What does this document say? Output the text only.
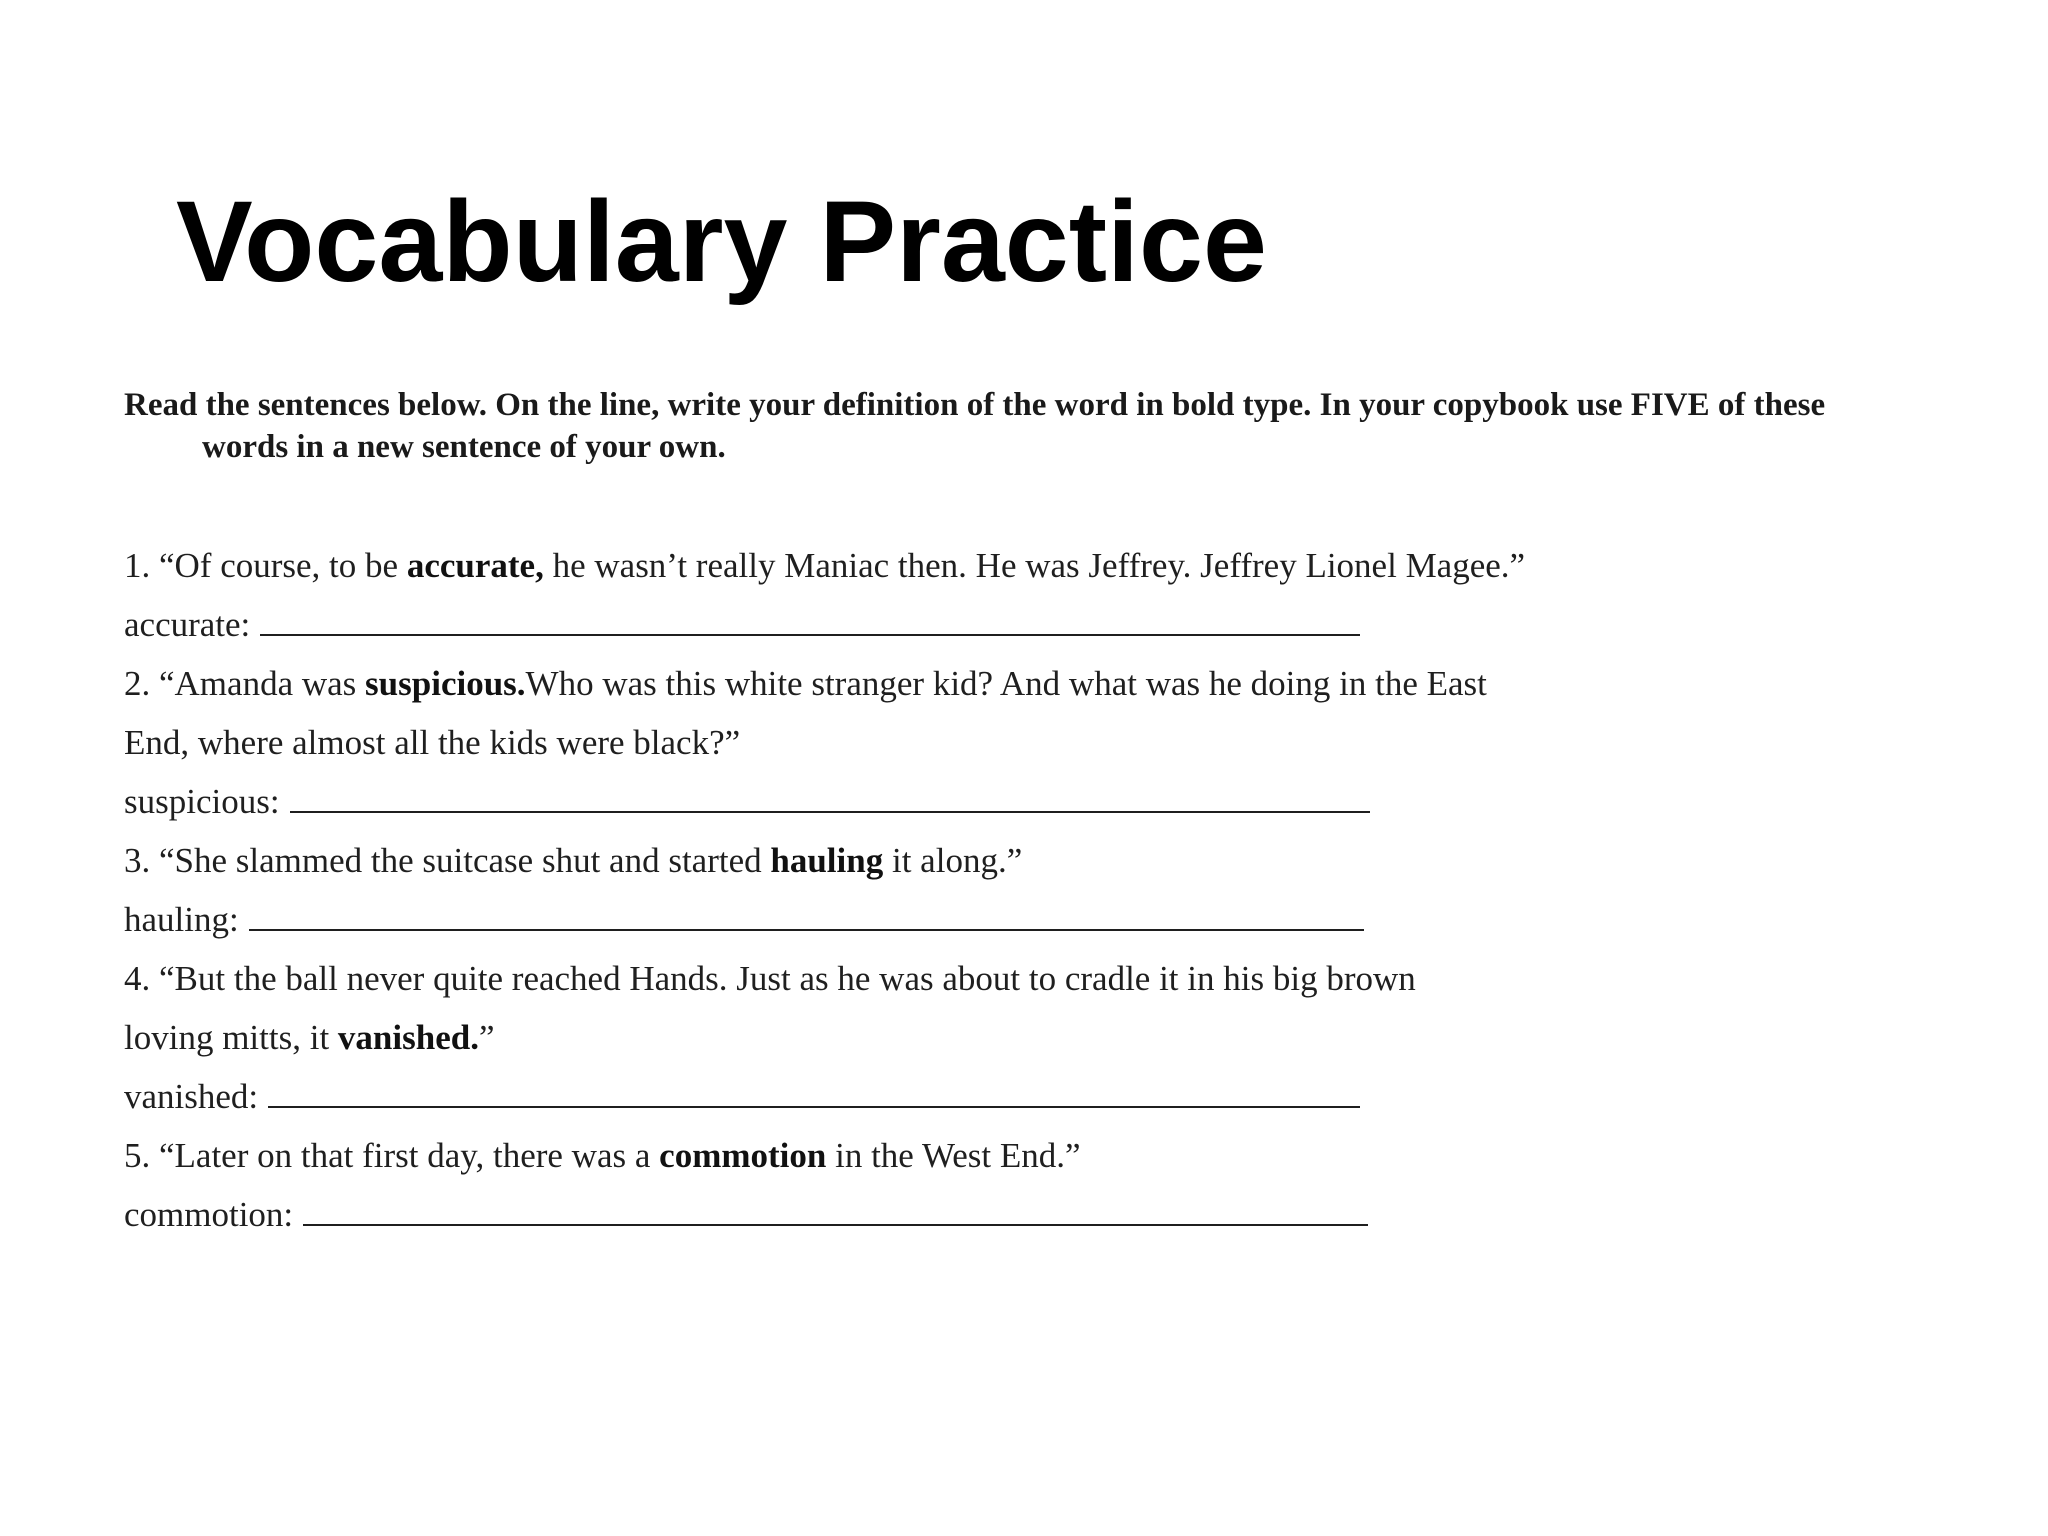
Vocabulary Practice

Read the sentences below. On the line, write your definition of the word in bold type. In your copybook use FIVE of these
words in a new sentence of your own.

1. “Of course, to be accurate, he wasn’t really Maniac then. He was Jeffrey. Jeffrey Lionel Magee.”

accurate:

2. “Amanda was suspicious.Who was this white stranger kid? And what was he doing in the East

End, where almost all the kids were black?”

suspicious:

3. “She slammed the suitcase shut and started hauling it along.”

hauling:

4. “But the ball never quite reached Hands. Just as he was about to cradle it in his big brown

loving mitts, it vanished.”

vanished:

5. “Later on that first day, there was a commotion in the West End.”

commotion:
